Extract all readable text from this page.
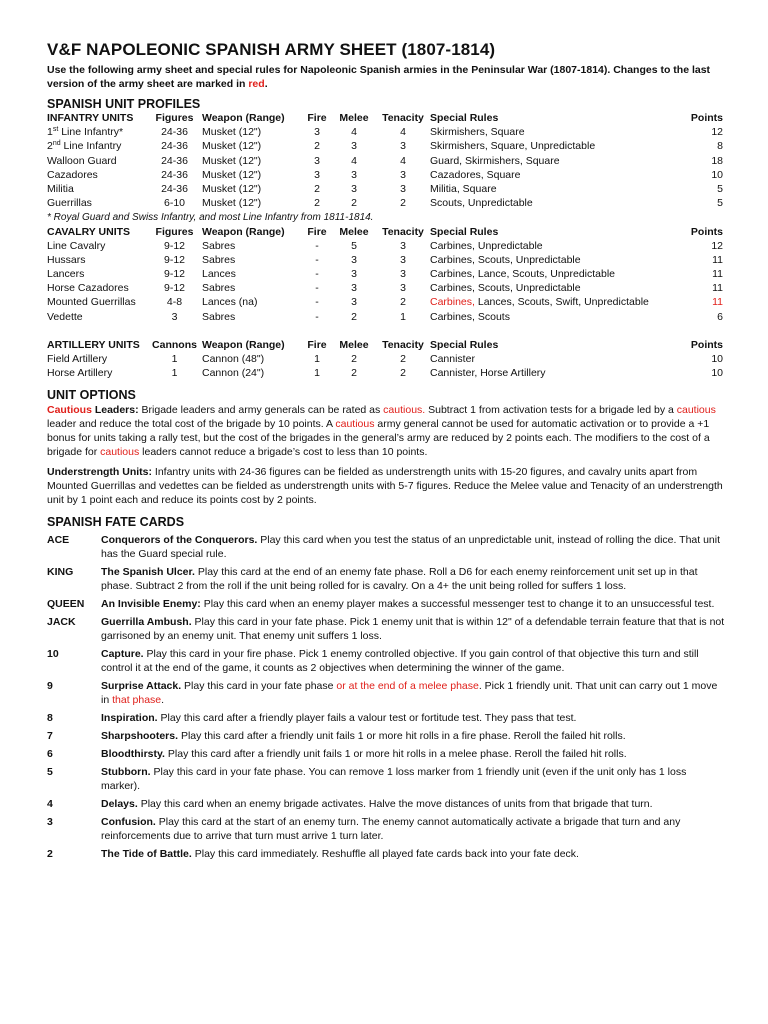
V&F NAPOLEONIC SPANISH ARMY SHEET (1807-1814)
Use the following army sheet and special rules for Napoleonic Spanish armies in the Peninsular War (1807-1814). Changes to the last version of the army sheet are marked in red.
SPANISH UNIT PROFILES
INFANTRY UNITS	Figures	Weapon (Range)	Fire	Melee	Tenacity	Special Rules	Points
1st Line Infantry*	24-36	Musket (12")	3	4	4	Skirmishers, Square	12
2nd Line Infantry	24-36	Musket (12")	2	3	3	Skirmishers, Square, Unpredictable	8
Walloon Guard	24-36	Musket (12")	3	4	4	Guard, Skirmishers, Square	18
Cazadores	24-36	Musket (12")	3	3	3	Cazadores, Square	10
Militia	24-36	Musket (12")	2	3	3	Militia, Square	5
Guerrillas	6-10	Musket (12")	2	2	2	Scouts, Unpredictable	5
* Royal Guard and Swiss Infantry, and most Line Infantry from 1811-1814.							
CAVALRY UNITS	Figures	Weapon (Range)	Fire	Melee	Tenacity	Special Rules	Points
Line Cavalry	9-12	Sabres	-	5	3	Carbines, Unpredictable	12
Hussars	9-12	Sabres	-	3	3	Carbines, Scouts, Unpredictable	11
Lancers	9-12	Lances	-	3	3	Carbines, Lance, Scouts, Unpredictable	11
Horse Cazadores	9-12	Sabres	-	3	3	Carbines, Scouts, Unpredictable	11
Mounted Guerrillas	4-8	Lances (na)	-	3	2	Carbines, Lances, Scouts, Swift, Unpredictable	11
Vedette	3	Sabres	-	2	1	Carbines, Scouts	6

ARTILLERY UNITS	Cannons	Weapon (Range)	Fire	Melee	Tenacity	Special Rules	Points
Field Artillery	1	Cannon (48")	1	2	2	Cannister	10
Horse Artillery	1	Cannon (24")	1	2	2	Cannister, Horse Artillery	10
UNIT OPTIONS

Cautious Leaders: Brigade leaders and army generals can be rated as cautious. Subtract 1 from activation tests for a brigade led by a cautious leader and reduce the total cost of the brigade by 10 points. A cautious army general cannot be used for automatic activation or to provide a +1 bonus for units taking a rally test, but the cost of the brigades in the general’s army are reduced by 2 points each. The modifiers to the cost of a brigade for cautious leaders cannot reduce a brigade’s cost to less than 10 points.

Understrength Units: Infantry units with 24-36 figures can be fielded as understrength units with 15-20 figures, and cavalry units apart from Mounted Guerrillas and vedettes can be fielded as understrength units with 5-7 figures. Reduce the Melee value and Tenacity of an understrength unit by 1 point each and reduce its points cost by 2 points.

SPANISH FATE CARDS
ACE	Conquerors of the Conquerors. Play this card when you test the status of an unpredictable unit, instead of rolling the dice. That unit has the Guard special rule.
KING	The Spanish Ulcer. Play this card at the end of an enemy fate phase. Roll a D6 for each enemy reinforcement unit set up in that phase. Subtract 2 from the roll if the unit being rolled for is cavalry. On a 4+ the unit being rolled for suffers 1 loss.
QUEEN	An Invisible Enemy: Play this card when an enemy player makes a successful messenger test to change it to an unsuccessful test.
JACK	Guerrilla Ambush. Play this card in your fate phase. Pick 1 enemy unit that is within 12" of a defendable terrain feature that that is not garrisoned by an enemy unit. That enemy unit suffers 1 loss.
10	Capture. Play this card in your fire phase. Pick 1 enemy controlled objective. If you gain control of that objective this turn and still control it at the end of the game, it counts as 2 objectives when determining the winner of the game.
9	Surprise Attack. Play this card in your fate phase or at the end of a melee phase. Pick 1 friendly unit. That unit can carry out 1 move in that phase.
8	Inspiration. Play this card after a friendly player fails a valour test or fortitude test. They pass that test.
7	Sharpshooters. Play this card after a friendly unit fails 1 or more hit rolls in a fire phase. Reroll the failed hit rolls.
6	Bloodthirsty. Play this card after a friendly unit fails 1 or more hit rolls in a melee phase. Reroll the failed hit rolls.
5	Stubborn. Play this card in your fate phase. You can remove 1 loss marker from 1 friendly unit (even if the unit only has 1 loss marker).
4	Delays. Play this card when an enemy brigade activates. Halve the move distances of units from that brigade that turn.
3	Confusion. Play this card at the start of an enemy turn. The enemy cannot automatically activate a brigade that turn and any reinforcements due to arrive that turn must arrive 1 turn later.
2	The Tide of Battle. Play this card immediately. Reshuffle all played fate cards back into your fate deck.
